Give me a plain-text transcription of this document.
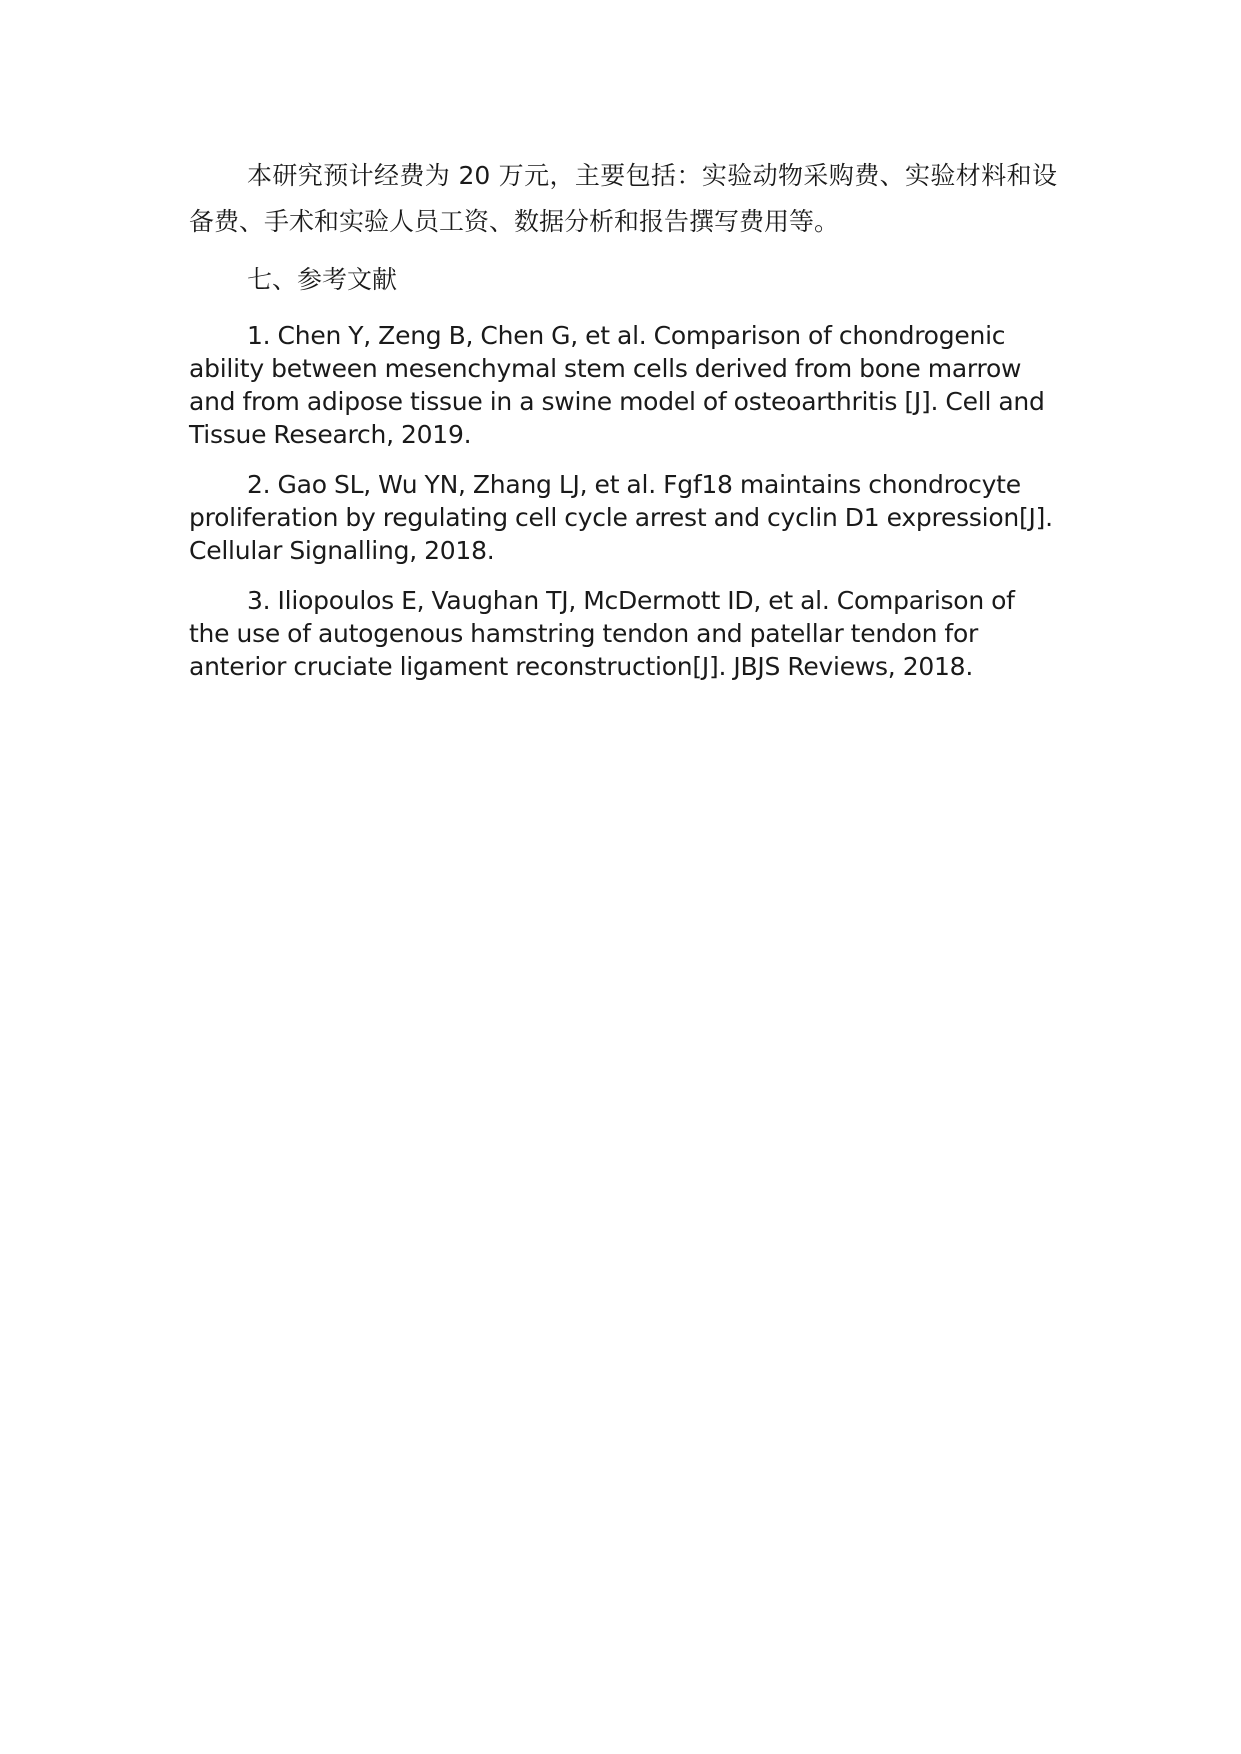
本研究预计经费为 20 万元，主要包括：实验动物采购费、实验材料和设备费、手术和实验人员工资、数据分析和报告撰写费用等。

七、参考文献

1. Chen Y, Zeng B, Chen G, et al. Comparison of chondrogenic ability between mesenchymal stem cells derived from bone marrow and from adipose tissue in a swine model of osteoarthritis [J]. Cell and Tissue Research, 2019.

2. Gao SL, Wu YN, Zhang LJ, et al. Fgf18 maintains chondrocyte proliferation by regulating cell cycle arrest and cyclin D1 expression[J]. Cellular Signalling, 2018.

3. Iliopoulos E, Vaughan TJ, McDermott ID, et al. Comparison of the use of autogenous hamstring tendon and patellar tendon for anterior cruciate ligament reconstruction[J]. JBJS Reviews, 2018.
